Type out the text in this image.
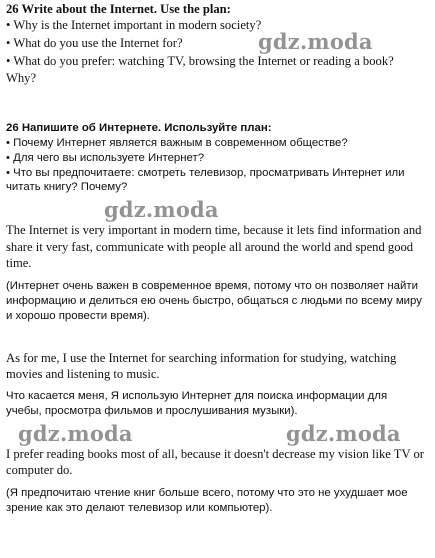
26 Write about the Internet. Use the plan:

• Why is the Internet important in modern society?

• What do you use the Internet for?

• What do you prefer: watching TV, browsing the Internet or reading a book?

Why?

26 Напишите об Интернете. Используйте план:

• Почему Интернет является важным в современном обществе?

• Для чего вы используете Интернет?

• Что вы предпочитаете: смотреть телевизор, просматривать Интернет или

читать книгу? Почему?

The Internet is very important in modern time, because it lets find information and

share it very fast, communicate with people all around the world and spend good

time.

(Интернет очень важен в современное время, потому что он позволяет найти

информацию и делиться ею очень быстро, общаться с людьми по всему миру

и хорошо провести время).

As for me, I use the Internet for searching information for studying, watching

movies and listening to music.

Что касается меня, Я использую Интернет для поиска информации для

учебы, просмотра фильмов и прослушивания музыки).

I prefer reading books most of all, because it doesn't decrease my vision like TV or

computer do.

(Я предпочитаю чтение книг больше всего, потому что это не ухудшает мое

зрение как это делают телевизор или компьютер).

gdz.moda
gdz.moda
gdz.moda	gdz.moda
